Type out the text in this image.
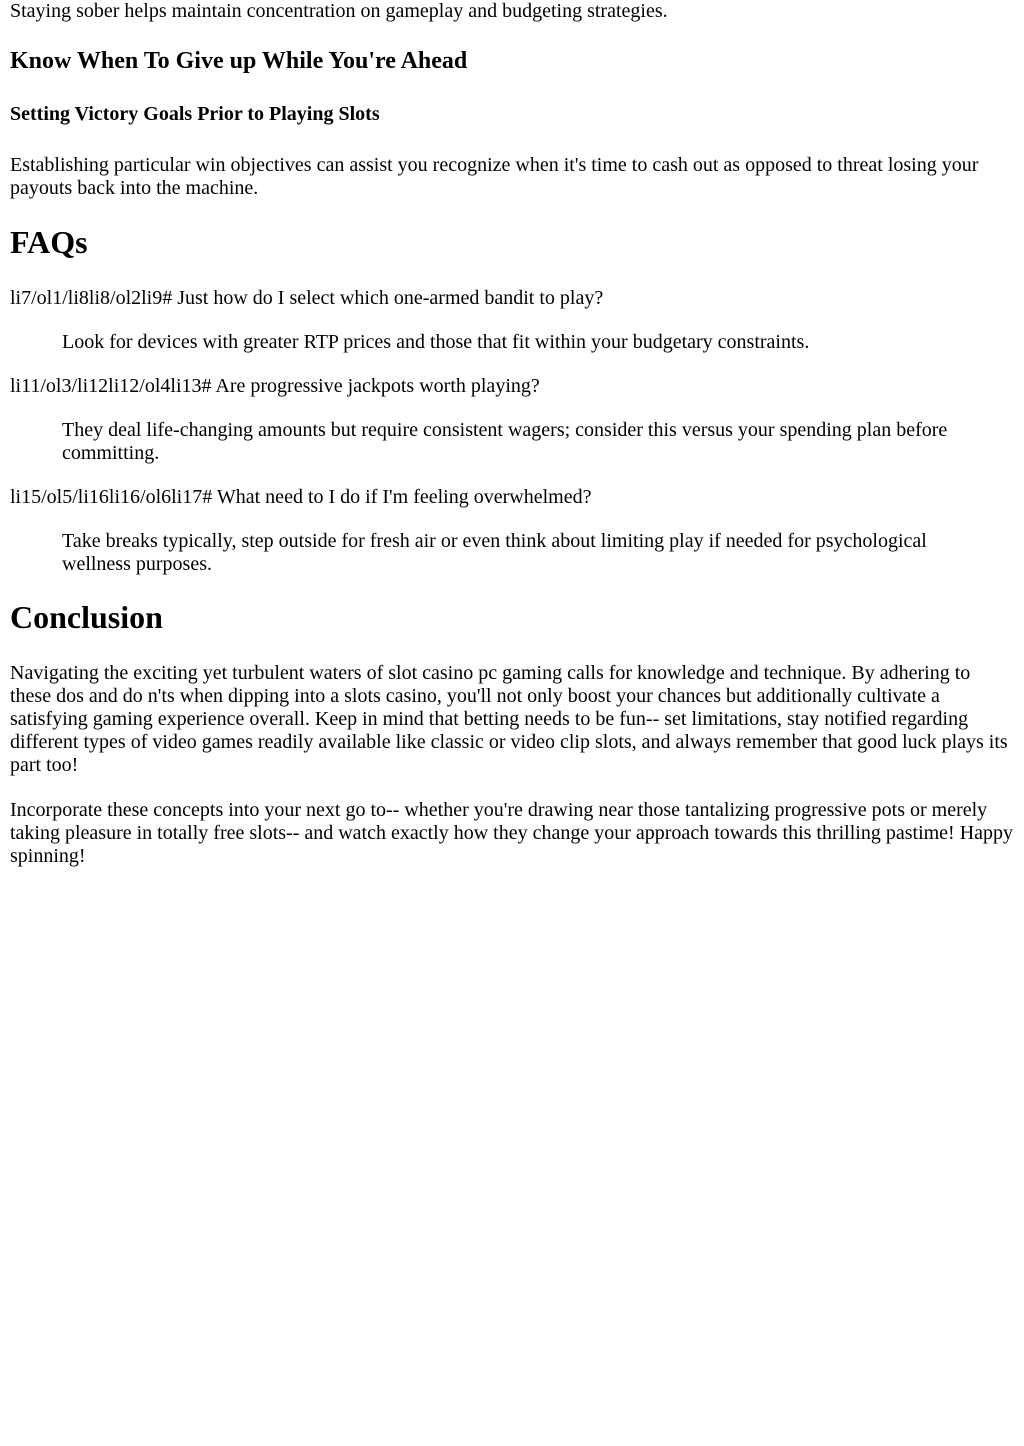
Staying sober helps maintain concentration on gameplay and budgeting strategies.

Know When To Give up While You're Ahead
Setting Victory Goals Prior to Playing Slots

Establishing particular win objectives can assist you recognize when it's time to cash out as opposed to threat losing your payouts back into the machine.

FAQs

li7/ol1/li8li8/ol2li9# Just how do I select which one-armed bandit to play?

Look for devices with greater RTP prices and those that fit within your budgetary constraints.

li11/ol3/li12li12/ol4li13# Are progressive jackpots worth playing?

They deal life-changing amounts but require consistent wagers; consider this versus your spending plan before committing.

li15/ol5/li16li16/ol6li17# What need to I do if I'm feeling overwhelmed?

Take breaks typically, step outside for fresh air or even think about limiting play if needed for psychological wellness purposes.

Conclusion

Navigating the exciting yet turbulent waters of slot casino pc gaming calls for knowledge and technique. By adhering to these dos and do n'ts when dipping into a slots casino, you'll not only boost your chances but additionally cultivate a satisfying gaming experience overall. Keep in mind that betting needs to be fun-- set limitations, stay notified regarding different types of video games readily available like classic or video clip slots, and always remember that good luck plays its part too!

Incorporate these concepts into your next go to-- whether you're drawing near those tantalizing progressive pots or merely taking pleasure in totally free slots-- and watch exactly how they change your approach towards this thrilling pastime! Happy spinning!
